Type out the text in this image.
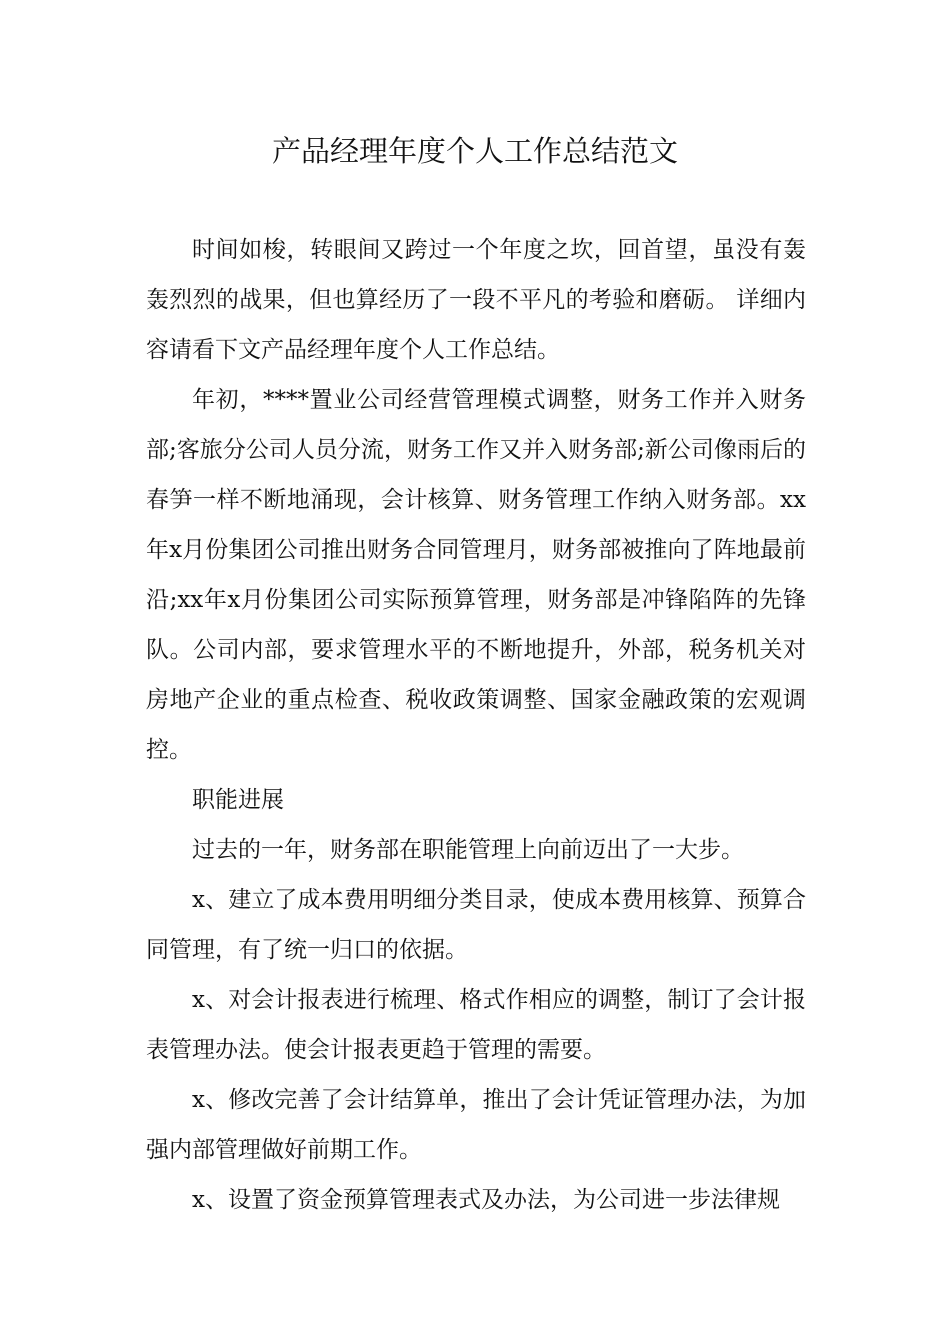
产品经理年度个人工作总结范文

时间如梭，转眼间又跨过一个年度之坎，回首望，虽没有轰轰烈烈的战果，但也算经历了一段不平凡的考验和磨砺。 详细内容请看下文产品经理年度个人工作总结。

年初，****置业公司经营管理模式调整，财务工作并入财务部;客旅分公司人员分流，财务工作又并入财务部;新公司像雨后的春笋一样不断地涌现，会计核算、财务管理工作纳入财务部。xx年x月份集团公司推出财务合同管理月，财务部被推向了阵地最前沿;xx年x月份集团公司实际预算管理，财务部是冲锋陷阵的先锋队。公司内部，要求管理水平的不断地提升，外部，税务机关对房地产企业的重点检查、税收政策调整、国家金融政策的宏观调控。

职能进展

过去的一年，财务部在职能管理上向前迈出了一大步。

x、建立了成本费用明细分类目录，使成本费用核算、预算合同管理，有了统一归口的依据。

x、对会计报表进行梳理、格式作相应的调整，制订了会计报表管理办法。使会计报表更趋于管理的需要。

x、修改完善了会计结算单，推出了会计凭证管理办法，为加强内部管理做好前期工作。

x、设置了资金预算管理表式及办法，为公司进一步法律规
